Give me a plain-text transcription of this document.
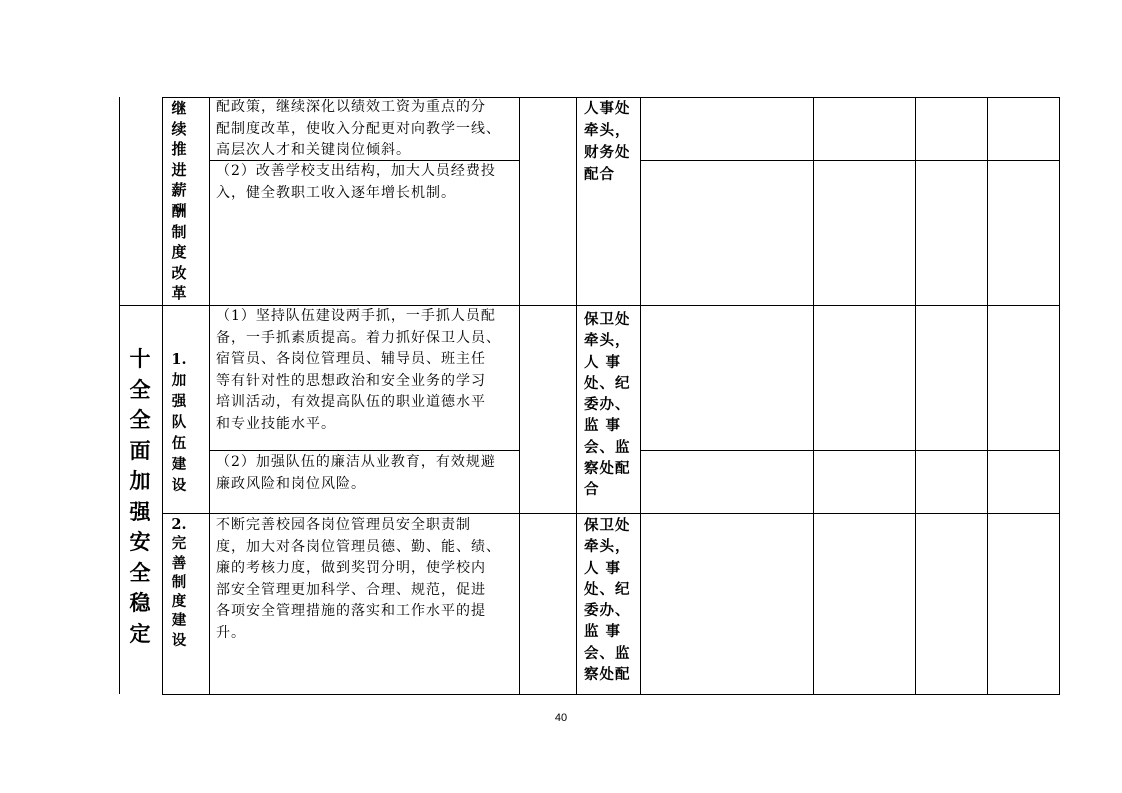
继
续
推
进
薪
酬
制
度
改
革
配政策，继续深化以绩效工资为重点的分
配制度改革，使收入分配更对向教学一线、
高层次人才和关键岗位倾斜。
（2）改善学校支出结构，加大人员经费投
入，健全教职工收入逐年增长机制。
人事处
牵头，
财务处
配合
十
全
全
面
加
强
安
全
稳
定
1.
加
强
队
伍
建
设
（1）坚持队伍建设两手抓，一手抓人员配
备，一手抓素质提高。着力抓好保卫人员、
宿管员、各岗位管理员、辅导员、班主任
等有针对性的思想政治和安全业务的学习
培训活动，有效提高队伍的职业道德水平
和专业技能水平。
（2）加强队伍的廉洁从业教育，有效规避
廉政风险和岗位风险。
保卫处
牵头，
人 事
处、纪
委办、
监 事
会、监
察处配
合
2.
完
善
制
度
建
设
不断完善校园各岗位管理员安全职责制
度，加大对各岗位管理员德、勤、能、绩、
廉的考核力度，做到奖罚分明，使学校内
部安全管理更加科学、合理、规范，促进
各项安全管理措施的落实和工作水平的提
升。
保卫处
牵头，
人 事
处、纪
委办、
监 事
会、监
察处配
40
